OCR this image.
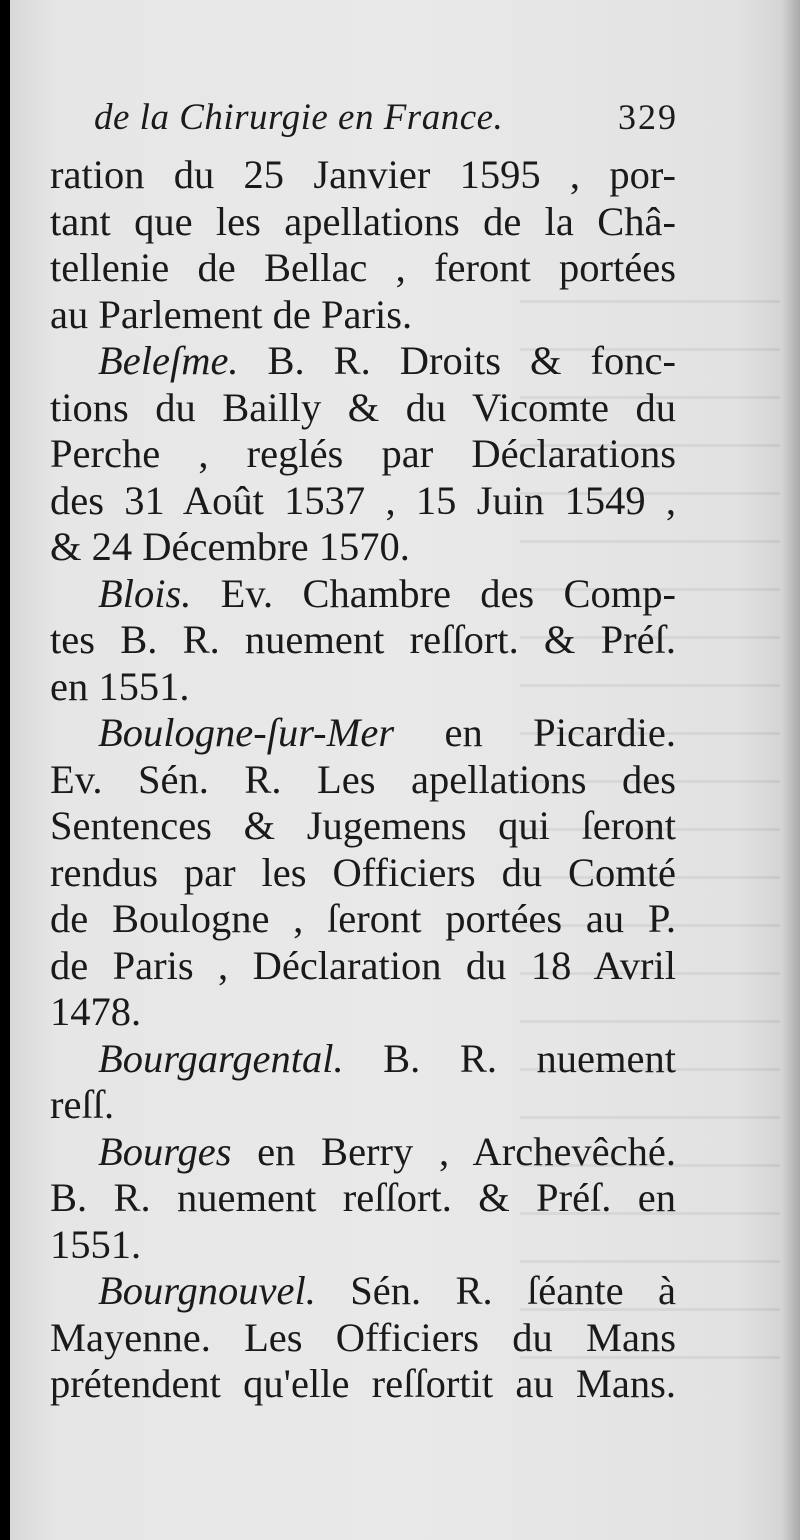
de la Chirurgie en France.	329
ration du 25 Janvier 1595 , por-
tant que les apellations de la Châ-
tellenie de Bellac , feront portées
au Parlement de Paris.
Beleſme. B. R. Droits & fonc-
tions du Bailly & du Vicomte du
Perche , reglés par Déclarations
des 31 Août 1537 , 15 Juin 1549 ,
& 24 Décembre 1570.
Blois. Ev. Chambre des Comp-
tes B. R. nuement reſſort. & Préſ.
en 1551.
Boulogne-ſur-Mer en Picardie.
Ev. Sén. R. Les apellations des
Sentences & Jugemens qui ſeront
rendus par les Officiers du Comté
de Boulogne , ſeront portées au P.
de Paris , Déclaration du 18 Avril
1478.
Bourgargental. B. R. nuement
reſſ.
Bourges en Berry , Archevêché.
B. R. nuement reſſort. & Préſ. en
1551.
Bourgnouvel. Sén. R. ſéante à
Mayenne. Les Officiers du Mans
prétendent qu'elle reſſortit au Mans.
